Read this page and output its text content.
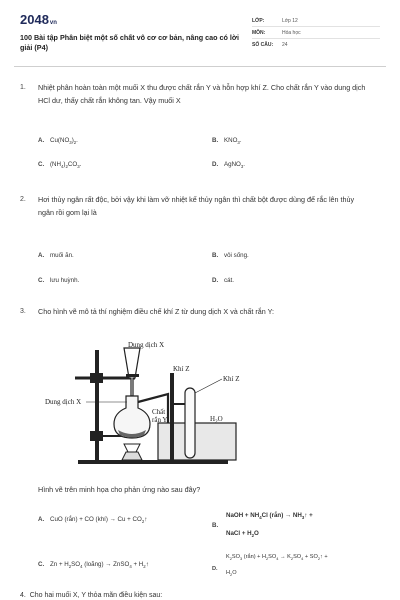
2048vn
100 Bài tập Phân biệt một số chất vô cơ cơ bản, nâng cao có lời giải (P4)
LỚP:	Lớp 12
MÔN:	Hóa học
SỐ CÂU:	24
1. Nhiệt phân hoàn toàn một muối X thu được chất rắn Y và hỗn hợp khí Z. Cho chất rắn Y vào dung dịch HCl dư, thấy chất rắn không tan. Vậy muối X
A. $Cu(NO_3)_2$.	B. $KNO_3$.
C. $(NH_4)_2CO_3$.	D. AgNO$_3$.
2. Hơi thủy ngân rất độc, bởi vậy khi làm vỡ nhiệt kế thủy ngân thì chất bột được dùng để rắc lên thủy ngân rồi gom lại là
A. muối ăn.	B. vôi sống.
C. lưu huỳnh.	D. cát.
3. Cho hình vẽ mô tả thí nghiệm điều chế khí Z từ dung dịch X và chất rắn Y:
Dung dịch X
Dung dịch X
Khí Z
Khí Z
Chất
rắn Y	$H_2O$
Hình vẽ trên minh họa cho phản ứng nào sau đây?
A. CuO (rắn) + CO (khí) → $Cu + CO_2↑$
B.
NaOH + $NH_4Cl$ (rắn) → $NH_3↑$ +
NaCl + $H_2O$
C. $Zn + H_2SO_4$ (loãng) → ZnSO$_4$ + $H_2↑$
D.
$K_2SO_3$ (rắn) + $H_2SO_4 \to K_2SO_4$ + $SO_2↑$ +
$H_2O$
4. Cho hai muối X, Y thỏa mãn điều kiện sau:
